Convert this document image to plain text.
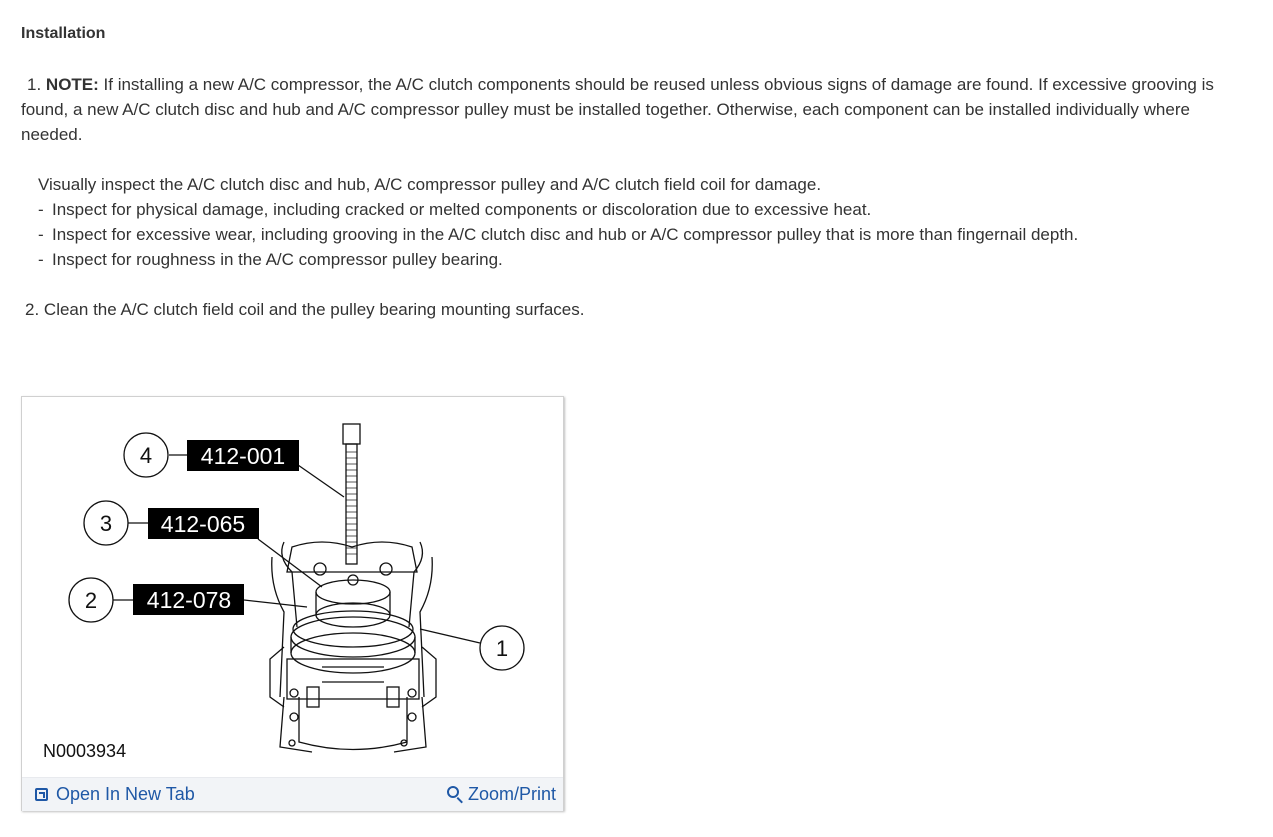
Installation

1. NOTE: If installing a new A/C compressor, the A/C clutch components should be reused unless obvious signs of damage are found. If excessive grooving is found, a new A/C clutch disc and hub and A/C compressor pulley must be installed together. Otherwise, each component can be installed individually where needed.

Visually inspect the A/C clutch disc and hub, A/C compressor pulley and A/C clutch field coil for damage.
- Inspect for physical damage, including cracked or melted components or discoloration due to excessive heat.
- Inspect for excessive wear, including grooving in the A/C clutch disc and hub or A/C compressor pulley that is more than fingernail depth.
- Inspect for roughness in the A/C compressor pulley bearing.

2. Clean the A/C clutch field coil and the pulley bearing mounting surfaces.

412-001
412-065
412-078
4
3
2
1
N0003934
Open In New Tab	Zoom/Print
